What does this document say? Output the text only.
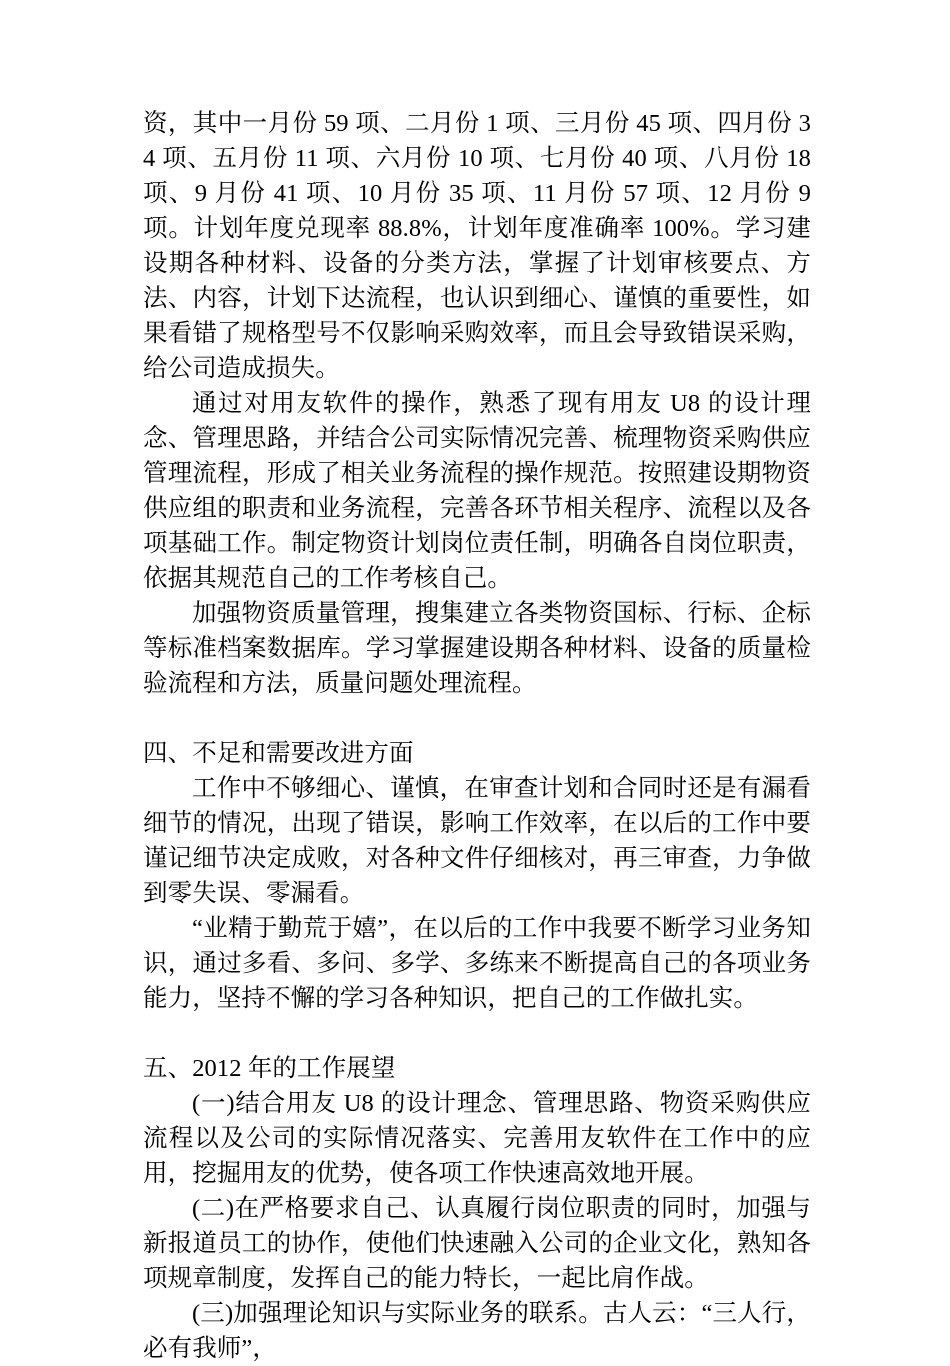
资，其中一月份 59 项、二月份 1 项、三月份 45 项、四月份 34 项、五月份 11 项、六月份 10 项、七月份 40 项、八月份 18 项、9 月份 41 项、10 月份 35 项、11 月份 57 项、12 月份 9 项。计划年度兑现率 88.8%，计划年度准确率 100%。学习建设期各种材料、设备的分类方法，掌握了计划审核要点、方法、内容，计划下达流程，也认识到细心、谨慎的重要性，如果看错了规格型号不仅影响采购效率，而且会导致错误采购，给公司造成损失。

通过对用友软件的操作，熟悉了现有用友 U8 的设计理念、管理思路，并结合公司实际情况完善、梳理物资采购供应管理流程，形成了相关业务流程的操作规范。按照建设期物资供应组的职责和业务流程，完善各环节相关程序、流程以及各项基础工作。制定物资计划岗位责任制，明确各自岗位职责，依据其规范自己的工作考核自己。

加强物资质量管理，搜集建立各类物资国标、行标、企标等标准档案数据库。学习掌握建设期各种材料、设备的质量检验流程和方法，质量问题处理流程。

四、不足和需要改进方面

工作中不够细心、谨慎，在审查计划和合同时还是有漏看细节的情况，出现了错误，影响工作效率，在以后的工作中要谨记细节决定成败，对各种文件仔细核对，再三审查，力争做到零失误、零漏看。

“业精于勤荒于嬉”，在以后的工作中我要不断学习业务知识，通过多看、多问、多学、多练来不断提高自己的各项业务能力，坚持不懈的学习各种知识，把自己的工作做扎实。

五、2012 年的工作展望

(一)结合用友 U8 的设计理念、管理思路、物资采购供应流程以及公司的实际情况落实、完善用友软件在工作中的应用，挖掘用友的优势，使各项工作快速高效地开展。

(二)在严格要求自己、认真履行岗位职责的同时，加强与新报道员工的协作，使他们快速融入公司的企业文化，熟知各项规章制度，发挥自己的能力特长，一起比肩作战。

(三)加强理论知识与实际业务的联系。古人云：“三人行，必有我师”，
